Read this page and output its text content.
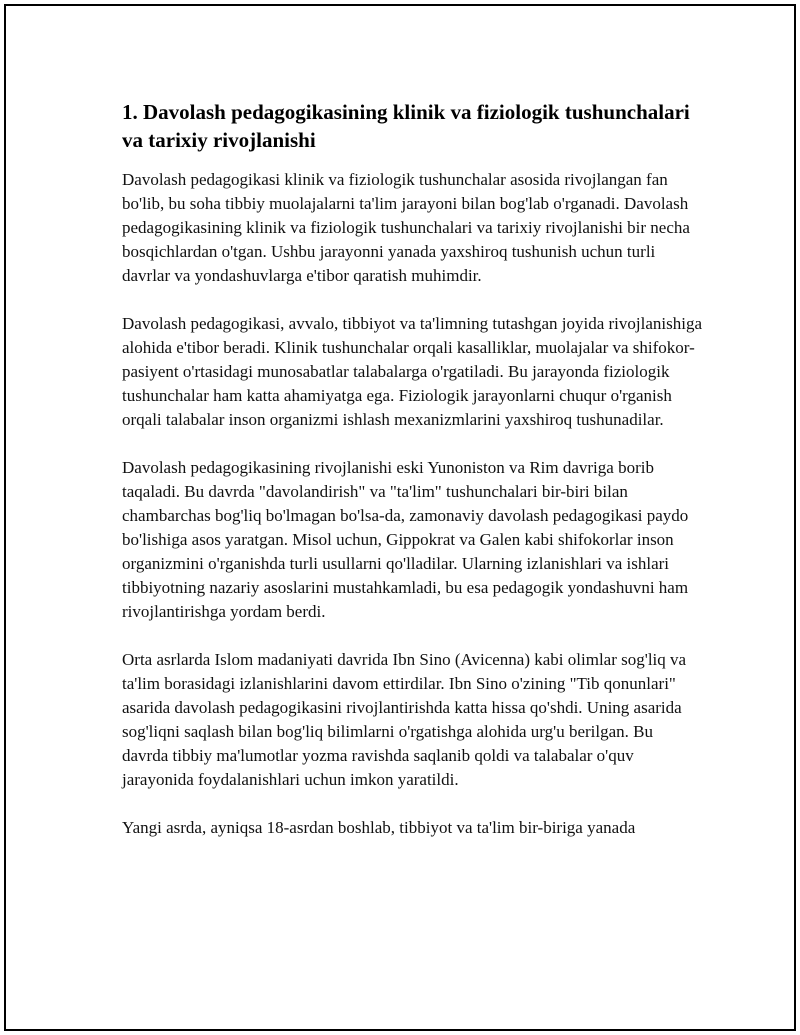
1. Davolash pedagogikasining klinik va fiziologik tushunchalari va tarixiy rivojlanishi

Davolash pedagogikasi klinik va fiziologik tushunchalar asosida rivojlangan fan bo'lib, bu soha tibbiy muolajalarni ta'lim jarayoni bilan bog'lab o'rganadi. Davolash pedagogikasining klinik va fiziologik tushunchalari va tarixiy rivojlanishi bir necha bosqichlardan o'tgan. Ushbu jarayonni yanada yaxshiroq tushunish uchun turli davrlar va yondashuvlarga e'tibor qaratish muhimdir.

Davolash pedagogikasi, avvalo, tibbiyot va ta'limning tutashgan joyida rivojlanishiga alohida e'tibor beradi. Klinik tushunchalar orqali kasalliklar, muolajalar va shifokor-pasiyent o'rtasidagi munosabatlar talabalarga o'rgatiladi. Bu jarayonda fiziologik tushunchalar ham katta ahamiyatga ega. Fiziologik jarayonlarni chuqur o'rganish orqali talabalar inson organizmi ishlash mexanizmlarini yaxshiroq tushunadilar.

Davolash pedagogikasining rivojlanishi eski Yunoniston va Rim davriga borib taqaladi. Bu davrda "davolandirish" va "ta'lim" tushunchalari bir-biri bilan chambarchas bog'liq bo'lmagan bo'lsa-da, zamonaviy davolash pedagogikasi paydo bo'lishiga asos yaratgan. Misol uchun, Gippokrat va Galen kabi shifokorlar inson organizmini o'rganishda turli usullarni qo'lladilar. Ularning izlanishlari va ishlari tibbiyotning nazariy asoslarini mustahkamladi, bu esa pedagogik yondashuvni ham rivojlantirishga yordam berdi.

Orta asrlarda Islom madaniyati davrida Ibn Sino (Avicenna) kabi olimlar sog'liq va ta'lim borasidagi izlanishlarini davom ettirdilar. Ibn Sino o'zining "Tib qonunlari" asarida davolash pedagogikasini rivojlantirishda katta hissa qo'shdi. Uning asarida sog'liqni saqlash bilan bog'liq bilimlarni o'rgatishga alohida urg'u berilgan. Bu davrda tibbiy ma'lumotlar yozma ravishda saqlanib qoldi va talabalar o'quv jarayonida foydalanishlari uchun imkon yaratildi.

Yangi asrda, ayniqsa 18-asrdan boshlab, tibbiyot va ta'lim bir-biriga yanada
